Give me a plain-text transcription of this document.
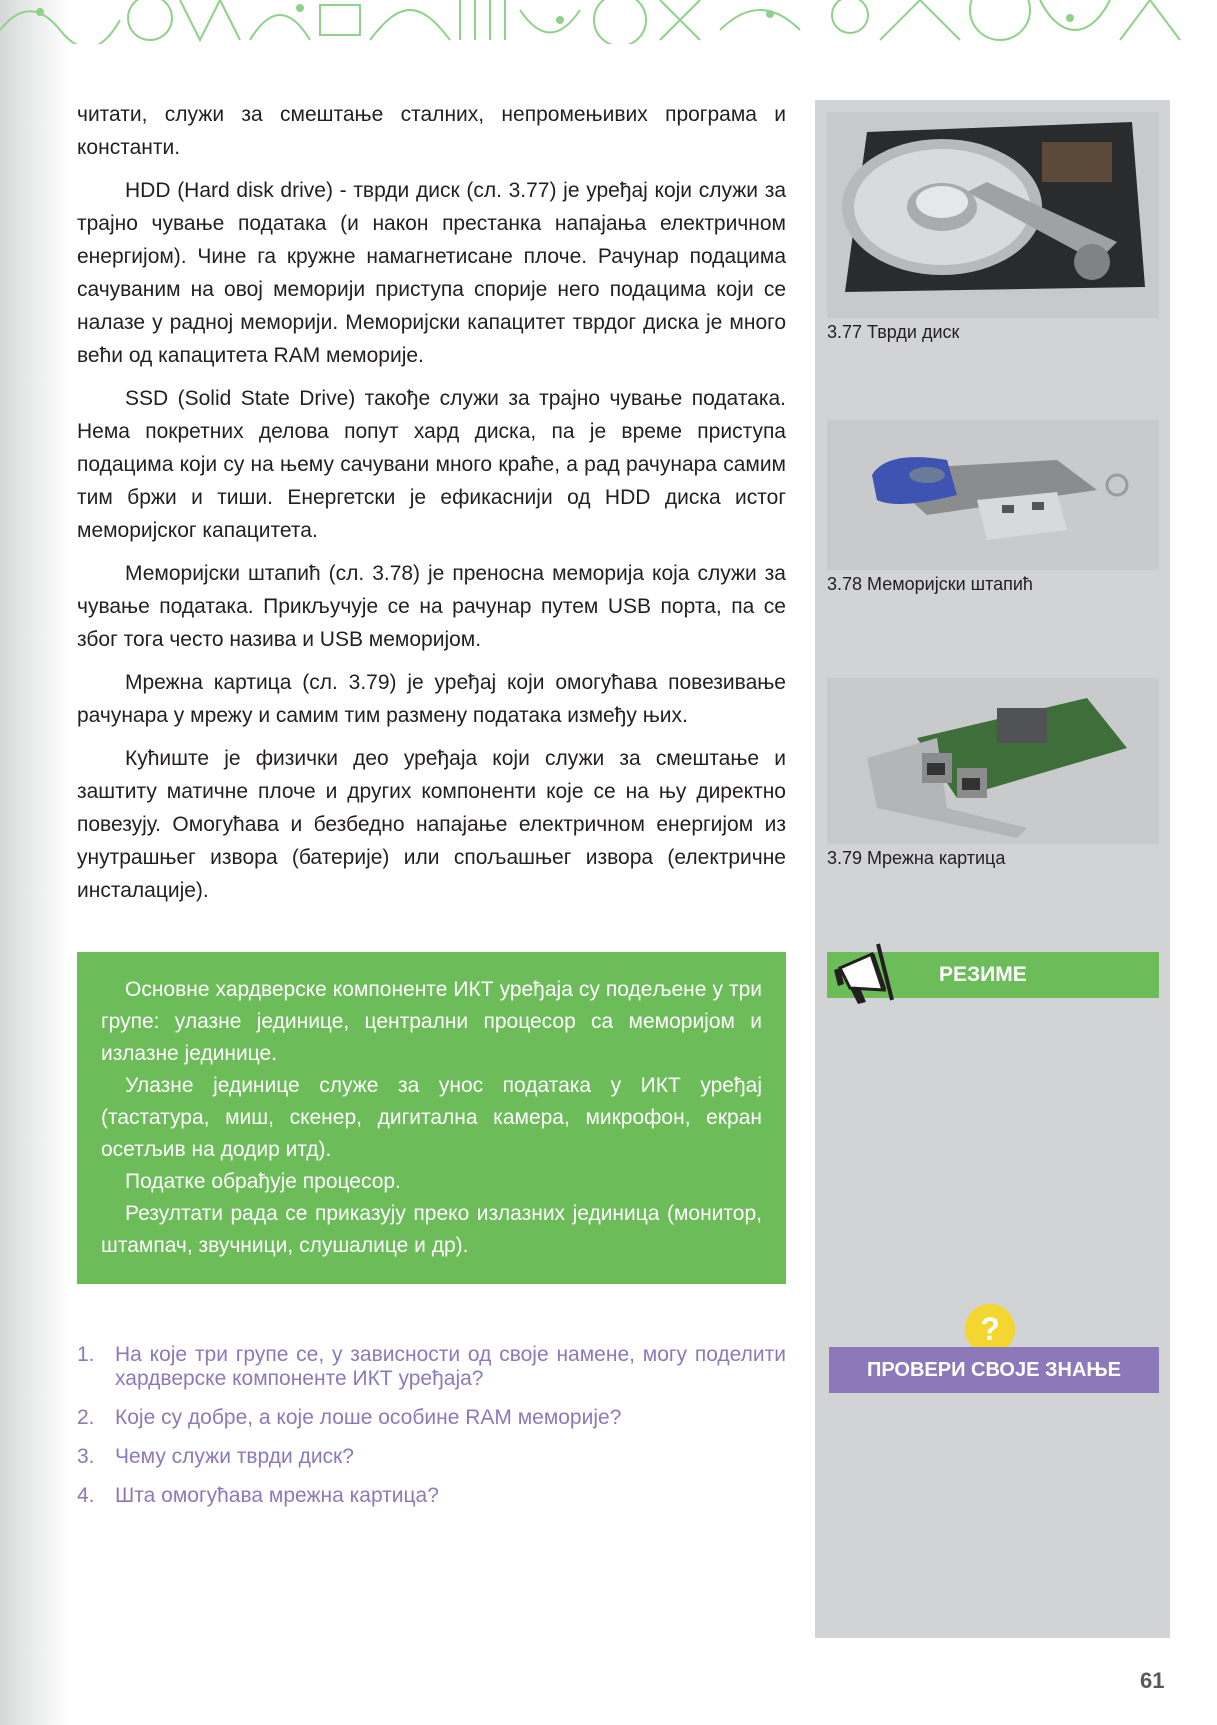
читати, служи за смештање сталних, непромењивих програма и константи.

HDD (Hard disk drive) - тврди диск (сл. 3.77) је уређај који служи за трајно чување података (и након престанка напајања електричном енергијом). Чине га кружне намагнетисане плоче. Рачунар подацима сачуваним на овој меморији приступа спорије него подацима који се налазе у радној меморији. Меморијски капацитет тврдог диска је много већи од капацитета RAM меморије.

SSD (Solid State Drive) такође служи за трајно чување података. Нема покретних делова попут хард диска, па је време приступа подацима који су на њему сачувани много краће, а рад рачунара самим тим бржи и тиши. Енергетски је ефикаснији од HDD диска истог меморијског капацитета.

Меморијски штапић (сл. 3.78) је преносна меморија која служи за чување података. Прикључује се на рачунар путем USB порта, па се због тога често назива и USB меморијом.

Мрежна картица (сл. 3.79) је уређај који омогућава повезивање рачунара у мрежу и самим тим размену података између њих.

Кућиште је физички део уређаја који служи за смештање и заштиту матичне плоче и других компоненти које се на њу директно повезују. Омогућава и безбедно напајање електричном енергијом из унутрашњег извора (батерије) или спољашњег извора (електричне инсталације).

3.77 Тврди диск
3.78 Меморијски штапић
3.79 Мрежна картица

Основне хардверске компоненте ИКТ уређаја су подељене у три групе: улазне јединице, централни процесор са меморијом и излазне јединице.

Улазне јединице служе за унос података у ИКТ уређај (тастатура, миш, скенер, дигитална камера, микрофон, екран осетљив на додир итд).

Податке обрађује процесор.

Резултати рада се приказују преко излазних јединица (монитор, штампач, звучници, слушалице и др).

РЕЗИМЕ
?
ПРОВЕРИ СВОЈЕ ЗНАЊЕ
1. На које три групе се, у зависности од своје намене, могу поделити хардверске компоненте ИКТ уређаја?
2. Које су добре, а које лоше особине RAM меморије?
3. Чему служи тврди диск?
4. Шта омогућава мрежна картица?
61
